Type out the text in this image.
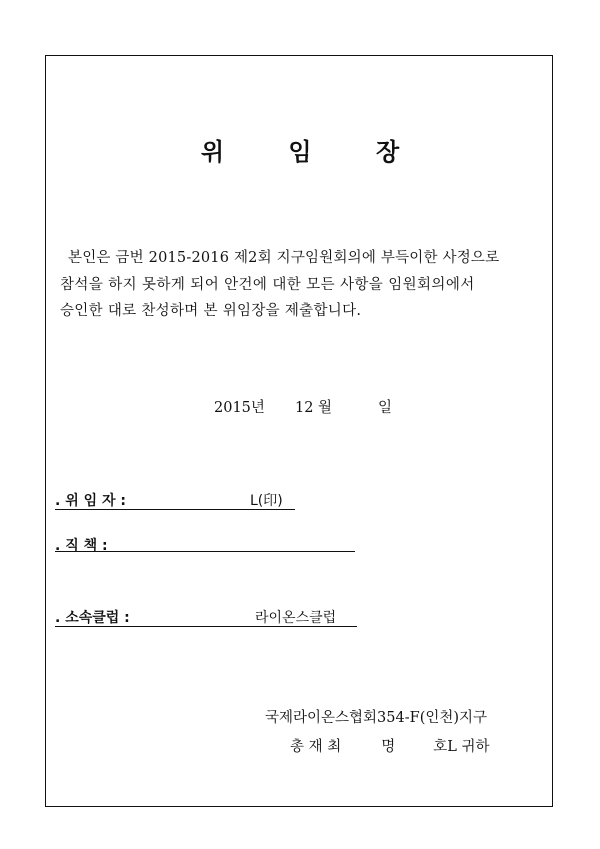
위 임 장
본인은 금번 2015-2016 제2회 지구임원회의에 부득이한 사정으로
참석을 하지 못하게 되어 안건에 대한 모든 사항을 임원회의에서
승인한 대로 찬성하며 본 위임장을 제출합니다.
2015년 12 월	일
. 위 임 자 :	L(印)
. 직 책 :
. 소속클럽 :	라이온스클럽
국제라이온스협회354-F(인천)지구
총 재 최	명	호L 귀하
